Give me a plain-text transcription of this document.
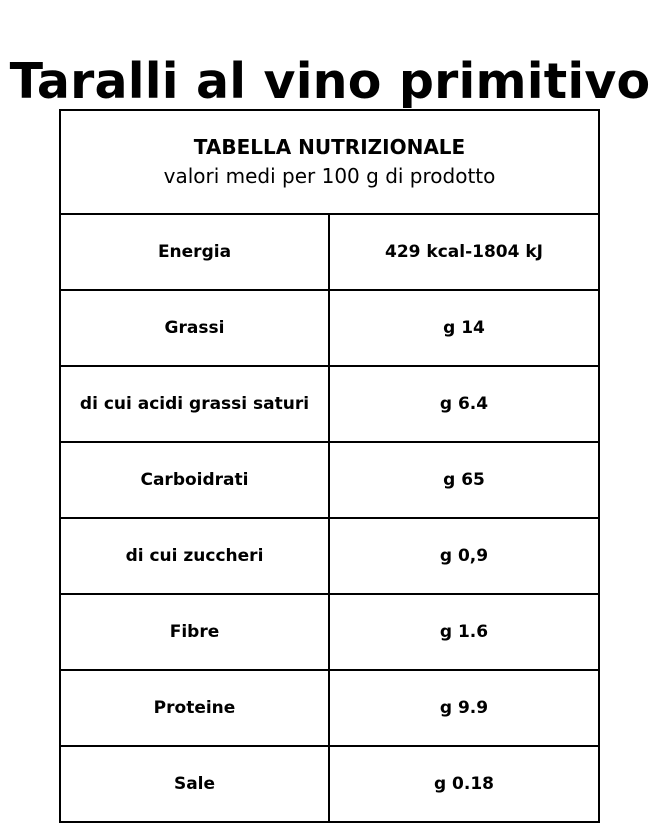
Taralli al vino primitivo
TABELLA NUTRIZIONALE
valori medi per 100 g di prodotto	

Energia	429 kcal-1804 kJ
Grassi	g 14
di cui acidi grassi saturi	g 6.4
Carboidrati	g 65
di cui zuccheri	g 0,9
Fibre	g 1.6
Proteine	g 9.9
Sale	g 0.18
